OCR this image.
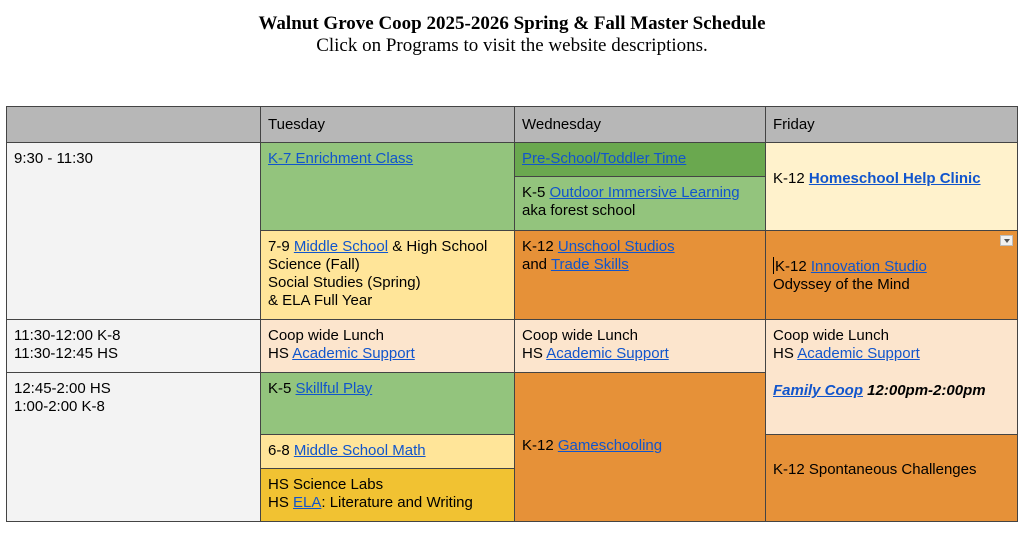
Walnut Grove Coop 2025-2026 Spring & Fall Master Schedule
Click on Programs to visit the website descriptions.
Tuesday	Wednesday	Friday
9:30 - 11:30
11:30-12:00 K-8
11:30-12:45 HS
12:45-2:00 HS
1:00-2:00 K-8
K-7 Enrichment Class
7-9 Middle School & High School
Science (Fall)
Social Studies (Spring)
& ELA Full Year
Coop wide Lunch
HS Academic Support
K-5 Skillful Play
6-8 Middle School Math
HS Science Labs
HS ELA: Literature and Writing
Pre-School/Toddler Time
K-5 Outdoor Immersive Learning
aka forest school
K-12 Unschool Studios
and Trade Skills
Coop wide Lunch
HS Academic Support
K-12 Gameschooling
K-12 Homeschool Help Clinic
K-12 Innovation Studio
Odyssey of the Mind
Coop wide Lunch
HS Academic Support
Family Coop 12:00pm-2:00pm
K-12 Spontaneous Challenges
